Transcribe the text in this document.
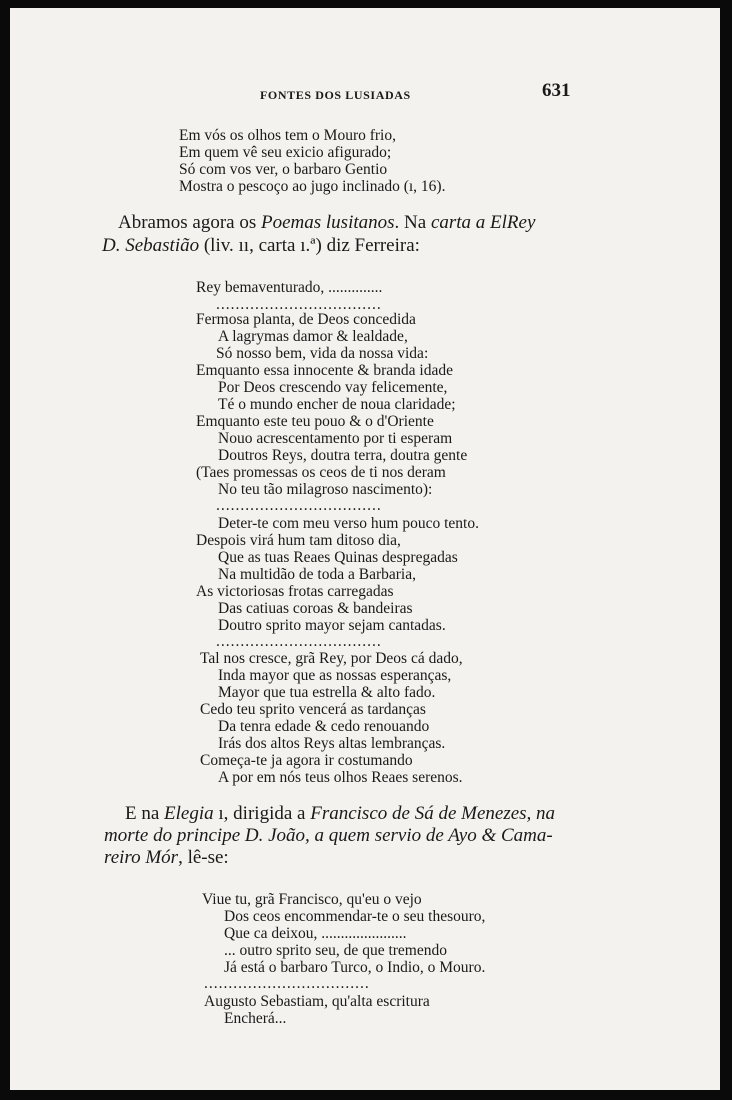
FONTES DOS LUSIADAS	631
Em vós os olhos tem o Mouro frio,
Em quem vê seu exicio afigurado;
Só com vos ver, o barbaro Gentio
Mostra o pescoço ao jugo inclinado (ı, 16).
Abramos agora os Poemas lusitanos. Na carta a ElRey
D. Sebastião (liv. ıı, carta ı.ª) diz Ferreira:
Rey bemaventurado, ..............
..................................
Fermosa planta, de Deos concedida
A lagrymas damor & lealdade,
Só nosso bem, vida da nossa vida:
Emquanto essa innocente & branda idade
Por Deos crescendo vay felicemente,
Té o mundo encher de noua claridade;
Emquanto este teu pouo & o d'Oriente
Nouo acrescentamento por ti esperam
Doutros Reys, doutra terra, doutra gente
(Taes promessas os ceos de ti nos deram
No teu tão milagroso nascimento):
..................................
Deter-te com meu verso hum pouco tento.
Despois virá hum tam ditoso dia,
Que as tuas Reaes Quinas despregadas
Na multidão de toda a Barbaria,
As victoriosas frotas carregadas
Das catiuas coroas & bandeiras
Doutro sprito mayor sejam cantadas.
..................................
Tal nos cresce, grã Rey, por Deos cá dado,
Inda mayor que as nossas esperanças,
Mayor que tua estrella & alto fado.
Cedo teu sprito vencerá as tardanças
Da tenra edade & cedo renouando
Irás dos altos Reys altas lembranças.
Começa-te ja agora ir costumando
A por em nós teus olhos Reaes serenos.
E na Elegia ı, dirigida a Francisco de Sá de Menezes, na
morte do principe D. João, a quem servio de Ayo & Cama-
reiro Mór, lê-se:
Viue tu, grã Francisco, qu'eu o vejo
Dos ceos encommendar-te o seu thesouro,
Que ca deixou, ......................
... outro sprito seu, de que tremendo
Já está o barbaro Turco, o Indio, o Mouro.
..................................
Augusto Sebastiam, qu'alta escritura
Encherá...
